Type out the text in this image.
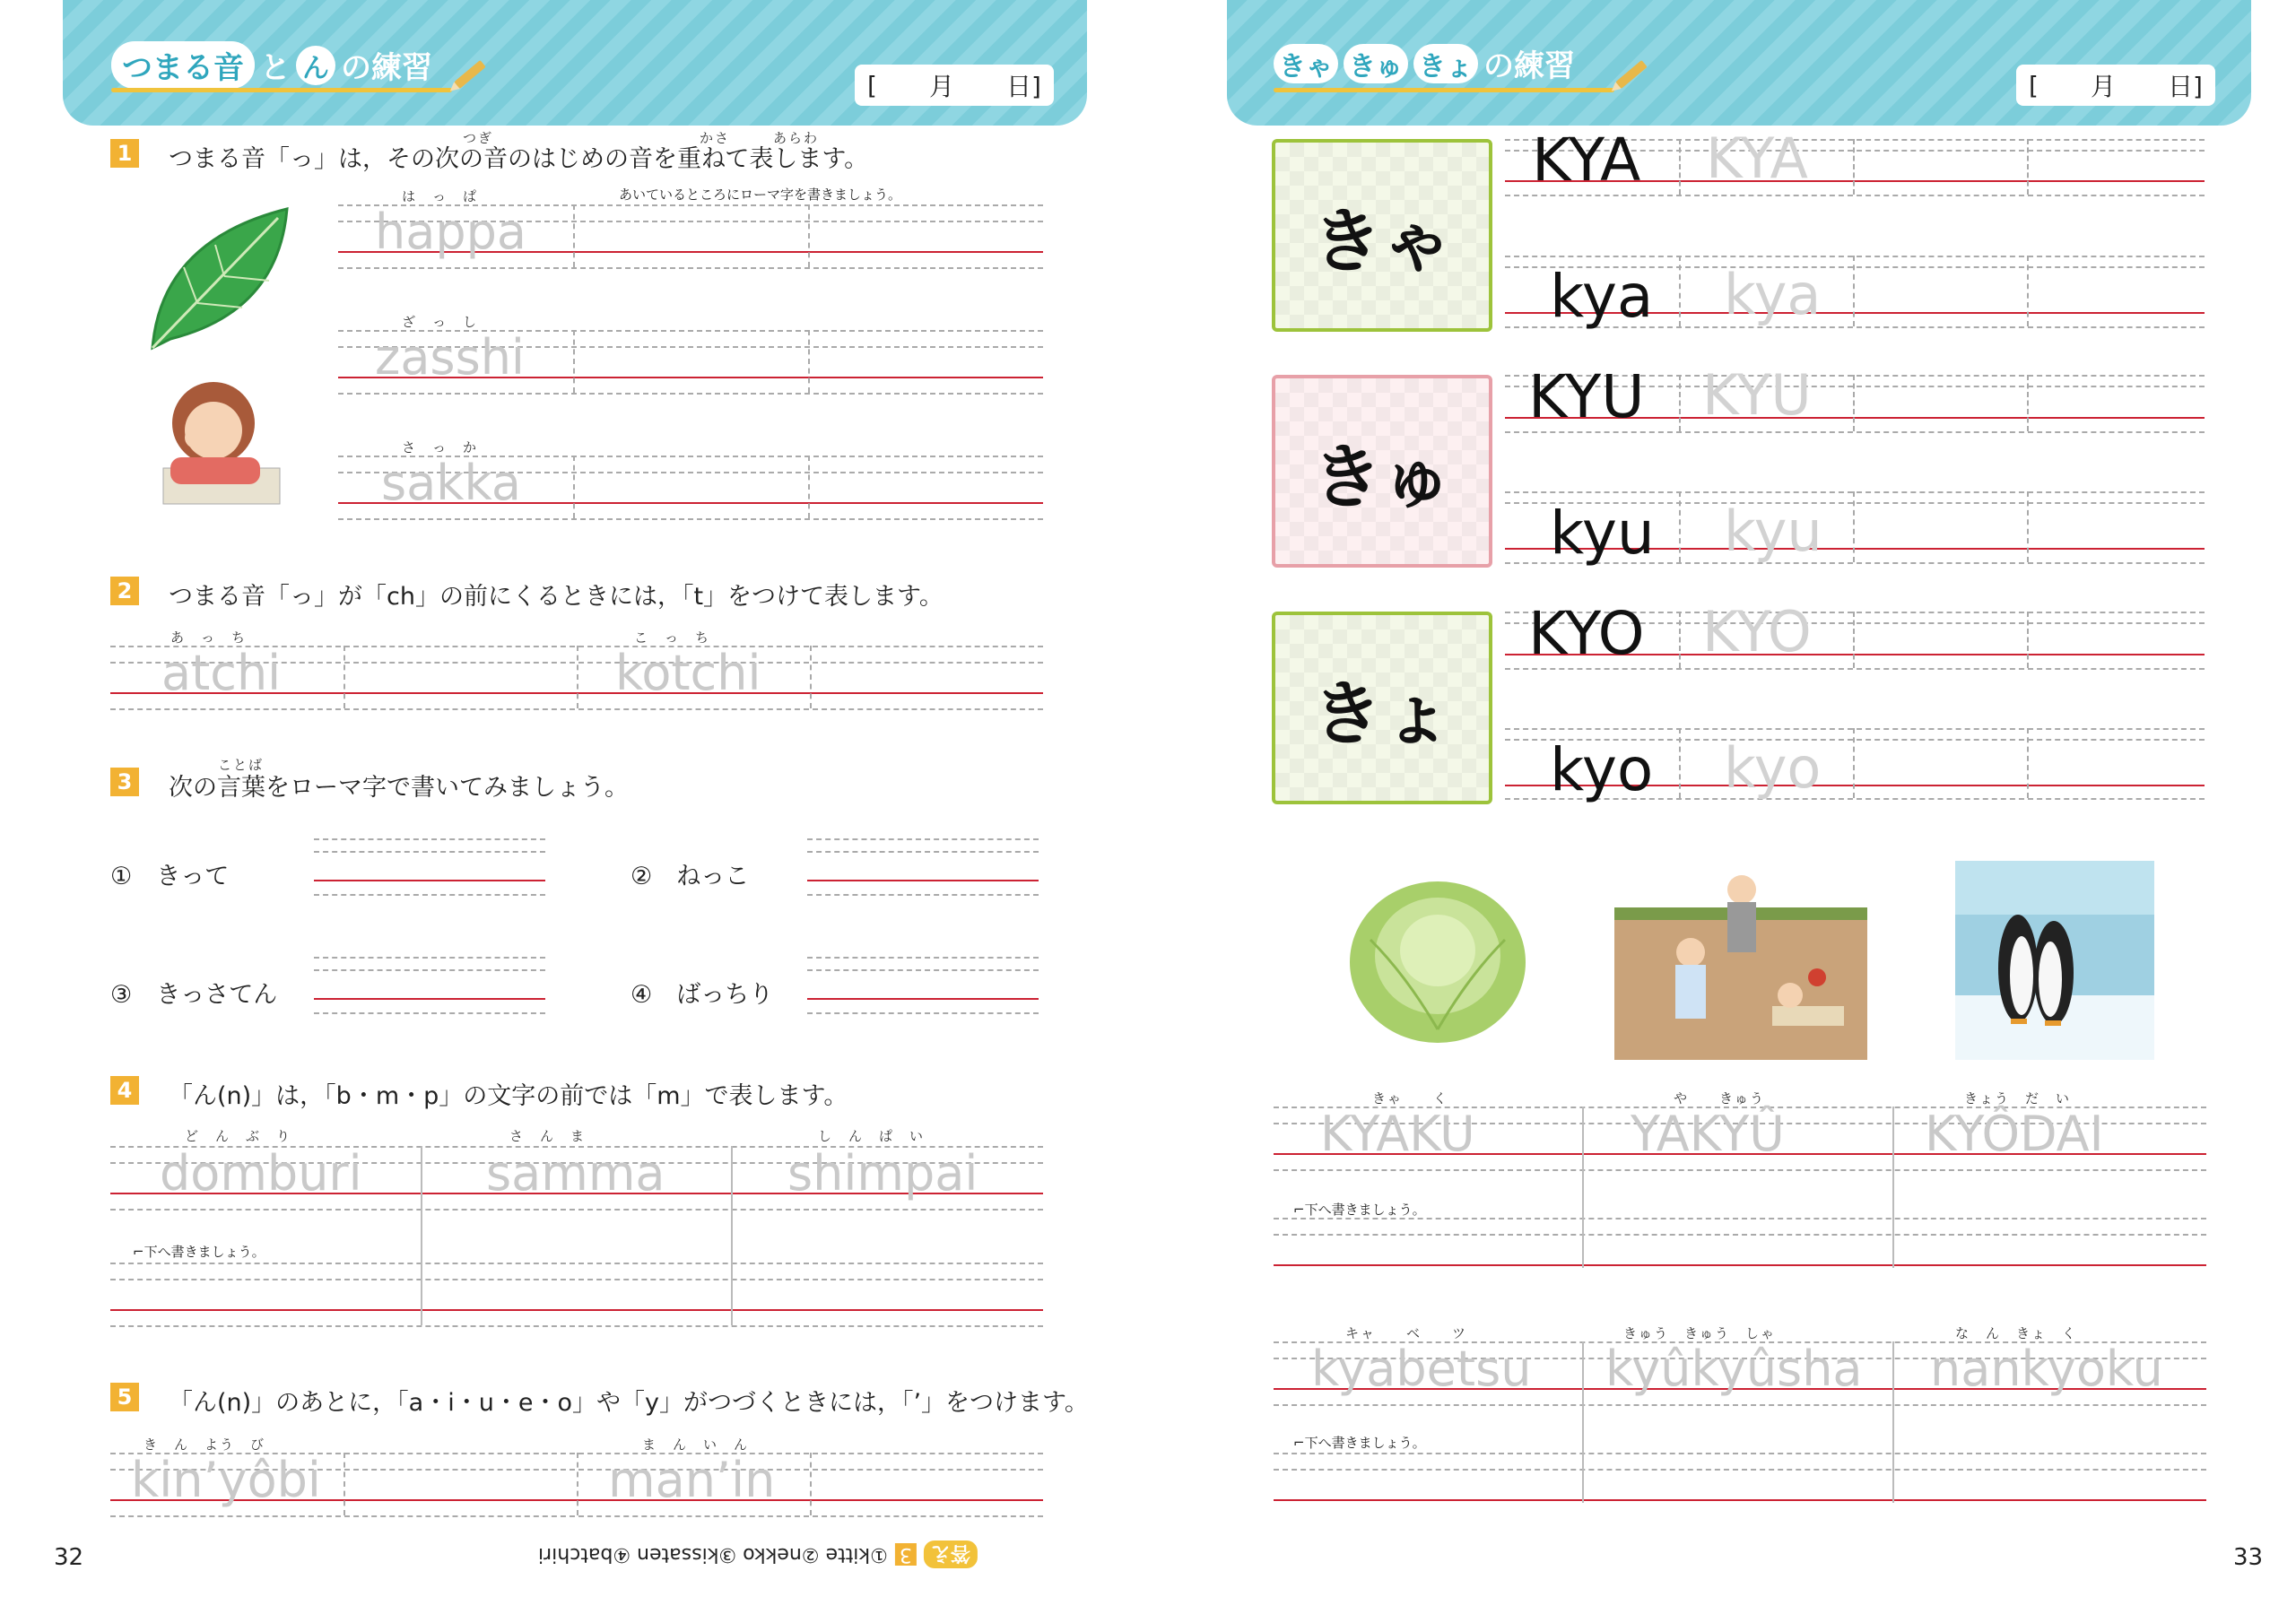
つまる音 と ん の練習	[ 月 日]
1
つぎ	かさ	あらわ
つまる音「っ」は，その次の音のはじめの音を重ねて表します。
あいているところにローマ字を書きましょう。
は　っ　ぱ
ざ　っ　し
さ　っ　か
happa
zasshi
sakka
2 つまる音「っ」が「ch」の前にくるときには，「t」をつけて表します。
あ　っ　ち	こ　っ　ち
atchi	kotchi
3
ことば
次の言葉をローマ字で書いてみましょう。
①　 きって	②　 ねっこ
③　 きっさてん	④　 ばっちり
4 「ん(n)」は，「b・m・p」の文字の前では「m」で表します。
ど　ん　ぶ　り	さ　ん　ま	し　ん　ぱ　い
domburi	samma	shimpai
⌐下へ書きましょう。
5 「ん(n)」のあとに，「a・i・u・e・o」や「y」がつづくときには，「’」をつけます。
き　ん　よう　び	ま　ん　い　ん
kin’yôbi	man’in
答え
3
①kitte ②nekko ③kissaten ④batchiri
32
きゃ きゅ きょ の練習
[ 月 日]
きゃ
きゅ
きょ
KYA KYA
kya kya
KYU KYU
kyu kyu
KYO KYO
kyo kyo
きゃ　　く	や　　きゅう	きょう　だ　い
KYAKU	YAKYÛ	KYÔDAI
⌐下へ書きましょう。
キャ　　ベ　　ツ	きゅう　きゅう　しゃ	な　ん　きょ　く
kyabetsu kyûkyûsha nankyoku
⌐下へ書きましょう。
33
